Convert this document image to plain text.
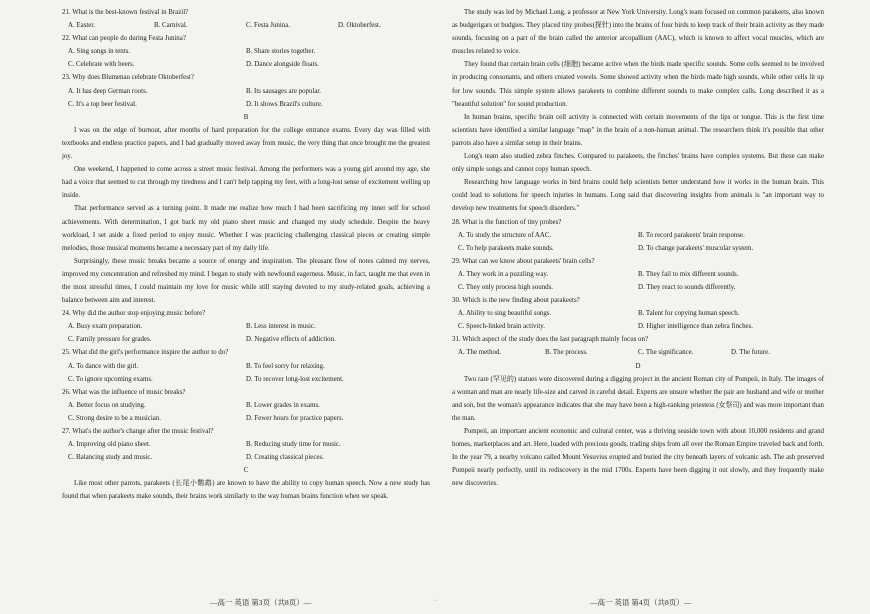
21. What is the best-known festival in Brazil?

A. Easter.	B. Carnival.	C. Festa Junina.	D. Oktoberfest.

22. What can people do during Festa Junina?

A. Sing songs in tents.	B. Share stories together.
C. Celebrate with beers.	D. Dance alongside floats.

23. Why does Blumenau celebrate Oktoberfest?

A. It has deep German roots.	B. Its sausages are popular.
C. It's a top beer festival.	D. It shows Brazil's culture.

B

I was on the edge of burnout, after months of hard preparation for the college entrance exams. Every day was filled with textbooks and endless practice papers, and I had gradually moved away from music, the very thing that once brought me the greatest joy.

One weekend, I happened to come across a street music festival. Among the performers was a young girl around my age, she had a voice that seemed to cut through my tiredness and I can't help tapping my feet, with a long-lost sense of excitement welling up inside.

That performance served as a turning point. It made me realize how much I had been sacrificing my inner self for school achievements. With determination, I got back my old piano sheet music and changed my study schedule. Despite the heavy workload, I set aside a fixed period to enjoy music. Whether I was practicing challenging classical pieces or creating simple melodies, those musical moments became a necessary part of my daily life.

Surprisingly, these music breaks became a source of energy and inspiration. The pleasant flow of notes calmed my nerves, improved my concentration and refreshed my mind. I began to study with newfound eagerness. Music, in fact, taught me that even in the most stressful times, I could maintain my love for music while still staying devoted to my study-related goals, achieving a balance between aim and interest.

24. Why did the author stop enjoying music before?

A. Busy exam preparation.	B. Less interest in music.
C. Family pressure for grades.	D. Negative effects of addiction.

25. What did the girl's performance inspire the author to do?

A. To dance with the girl.	B. To feel sorry for relaxing.
C. To ignore upcoming exams.	D. To recover long-lost excitement.

26. What was the influence of music breaks?

A. Better focus on studying.	B. Lower grades in exams.
C. Strong desire to be a musician.	D. Fewer hours for practice papers.

27. What's the author's change after the music festival?

A. Improving old piano sheet.	B. Reducing study time for music.
C. Balancing study and music.	D. Creating classical pieces.

C

Like most other parrots, parakeets (长尾小鹦鹉) are known to have the ability to copy human speech. Now a new study has found that when parakeets make sounds, their brains work similarly to the way human brains function when we speak.

—高一 英语 第3页（共8页）—	··

The study was led by Michael Long, a professor at New York University. Long's team focused on common parakeets, also known as budgerigars or budgies. They placed tiny probes(探针) into the brains of four birds to keep track of their brain activity as they made sounds, focusing on a part of the brain called the anterior arcopallium (AAC), which is known to affect vocal muscles, which are muscles related to voice.

They found that certain brain cells (细胞) became active when the birds made specific sounds. Some cells seemed to be involved in producing consonants, and others created vowels. Some showed activity when the birds made high sounds, while other cells lit up for low sounds. This simple system allows parakeets to combine different sounds to make complex calls. Long described it as a "beautiful solution" for sound production.

In human brains, specific brain cell activity is connected with certain movements of the lips or tongue. This is the first time scientists have identified a similar language "map" in the brain of a non-human animal. The researchers think it's possible that other parrots also have a similar setup in their brains.

Long's team also studied zebra finches. Compared to parakeets, the finches' brains have complex systems. But these can make only simple songs and cannot copy human speech.

Researching how language works in bird brains could help scientists better understand how it works in the human brain. This could lead to solutions for speech injuries in humans. Long said that discovering insights from animals is "an important way to develop new treatments for speech disorders."

28. What is the function of tiny probes?

A. To study the structure of AAC.	B. To record parakeets' brain response.
C. To help parakeets make sounds.	D. To change parakeets' muscular system.

29. What can we know about parakeets' brain cells?

A. They work in a puzzling way.	B. They fail to mix different sounds.
C. They only process high sounds.	D. They react to sounds differently.

30. Which is the new finding about parakeets?

A. Ability to sing beautiful songs.	B. Talent for copying human speech.
C. Speech-linked brain activity.	D. Higher intelligence than zebra finches.

31. Which aspect of the study does the last paragraph mainly focus on?

A. The method.	B. The process.	C. The significance.	D. The future.

D

Two rare (罕见的) statues were discovered during a digging project in the ancient Roman city of Pompeii, in Italy. The images of a woman and man are nearly life-size and carved in careful detail. Experts are unsure whether the pair are husband and wife or mother and son, but the woman's appearance indicates that she may have been a high-ranking priestess (女祭司) and was more important than the man.

Pompeii, an important ancient economic and cultural center, was a thriving seaside town with about 10,000 residents and grand homes, marketplaces and art. Here, loaded with precious goods, trading ships from all over the Roman Empire traveled back and forth. In the year 79, a nearby volcano called Mount Vesuvius erupted and buried the city beneath layers of volcanic ash. The ash preserved Pompeii nearly perfectly, until its rediscovery in the mid 1700s. Experts have been digging it out slowly, and they frequently make new discoveries.

—高一 英语 第4页（共8页）—
